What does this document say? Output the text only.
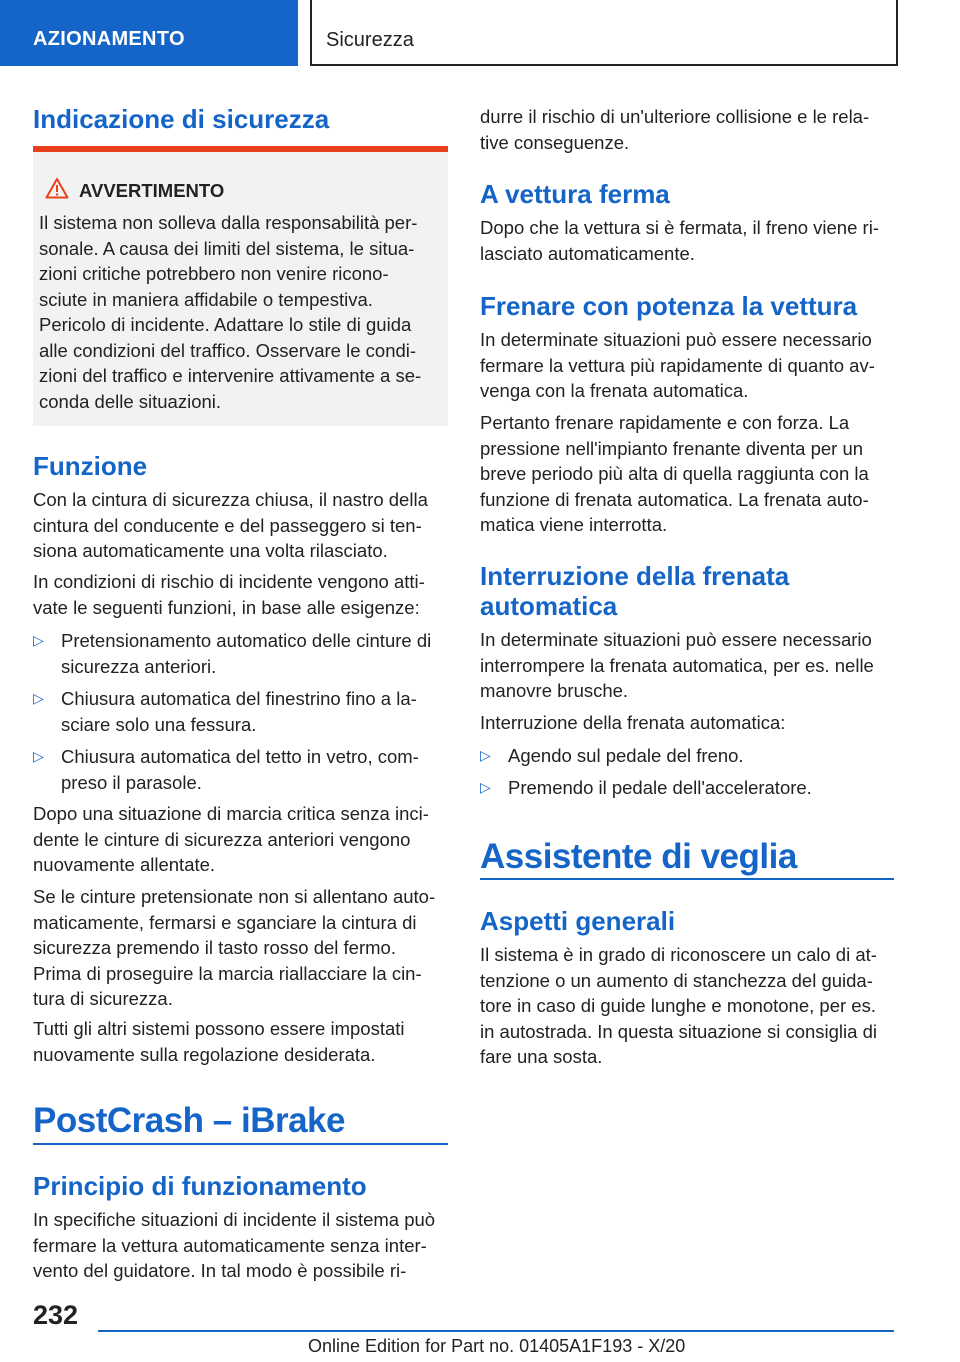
AZIONAMENTO	Sicurezza
Indicazione di sicurezza
AVVERTIMENTO
Il sistema non solleva dalla responsabilità per-
sonale. A causa dei limiti del sistema, le situa-
zioni critiche potrebbero non venire ricono-
sciute in maniera affidabile o tempestiva.
Pericolo di incidente. Adattare lo stile di guida
alle condizioni del traffico. Osservare le condi-
zioni del traffico e intervenire attivamente a se-
conda delle situazioni.
Funzione
Con la cintura di sicurezza chiusa, il nastro della
cintura del conducente e del passeggero si ten-
siona automaticamente una volta rilasciato.
In condizioni di rischio di incidente vengono atti-
vate le seguenti funzioni, in base alle esigenze:
▷ Pretensionamento automatico delle cinture di
sicurezza anteriori.
▷ Chiusura automatica del finestrino fino a la-
sciare solo una fessura.
▷ Chiusura automatica del tetto in vetro, com-
preso il parasole.
Dopo una situazione di marcia critica senza inci-
dente le cinture di sicurezza anteriori vengono
nuovamente allentate.
Se le cinture pretensionate non si allentano auto-
maticamente, fermarsi e sganciare la cintura di
sicurezza premendo il tasto rosso del fermo.
Prima di proseguire la marcia riallacciare la cin-
tura di sicurezza.
Tutti gli altri sistemi possono essere impostati
nuovamente sulla regolazione desiderata.
PostCrash – iBrake
Principio di funzionamento
In specifiche situazioni di incidente il sistema può
fermare la vettura automaticamente senza inter-
vento del guidatore. In tal modo è possibile ri-
durre il rischio di un'ulteriore collisione e le rela-
tive conseguenze.
A vettura ferma
Dopo che la vettura si è fermata, il freno viene ri-
lasciato automaticamente.
Frenare con potenza la vettura
In determinate situazioni può essere necessario
fermare la vettura più rapidamente di quanto av-
venga con la frenata automatica.
Pertanto frenare rapidamente e con forza. La
pressione nell'impianto frenante diventa per un
breve periodo più alta di quella raggiunta con la
funzione di frenata automatica. La frenata auto-
matica viene interrotta.
Interruzione della frenata
automatica
In determinate situazioni può essere necessario
interrompere la frenata automatica, per es. nelle
manovre brusche.
Interruzione della frenata automatica:
▷ Agendo sul pedale del freno.
▷ Premendo il pedale dell'acceleratore.
Assistente di veglia
Aspetti generali
Il sistema è in grado di riconoscere un calo di at-
tenzione o un aumento di stanchezza del guida-
tore in caso di guide lunghe e monotone, per es.
in autostrada. In questa situazione si consiglia di
fare una sosta.
232
Online Edition for Part no. 01405A1F193 - X/20
